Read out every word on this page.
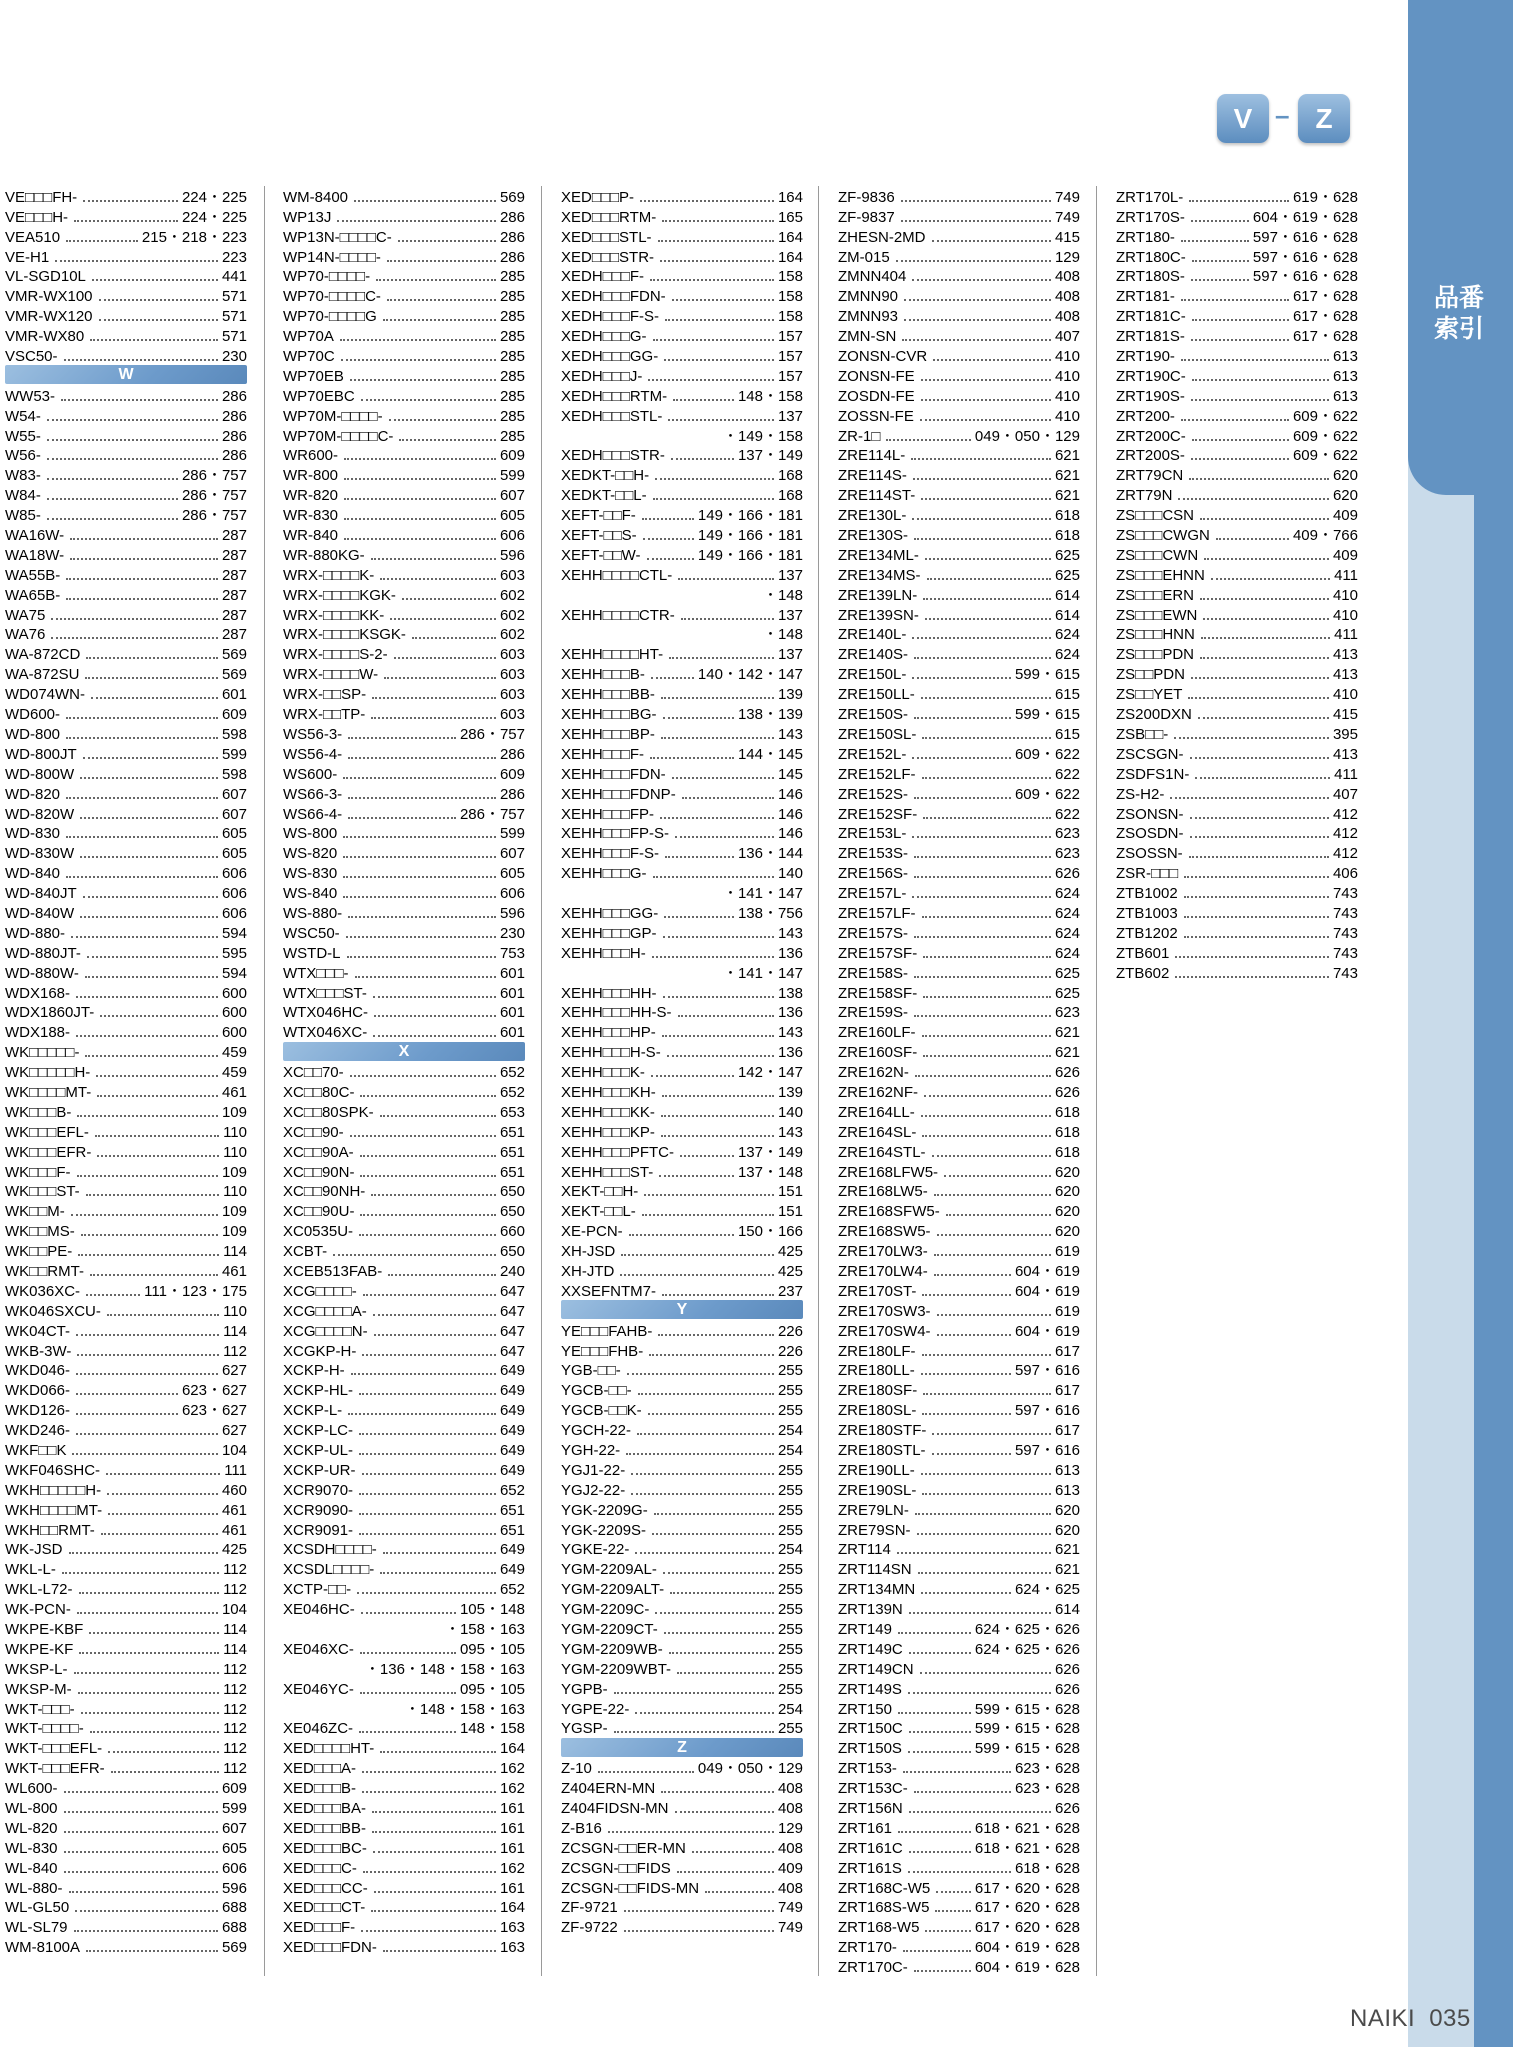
品番索引
V – Z
VE□□□FH-	224・225
VE□□□H-	224・225
VEA510	215・218・223
VE-H1	223
VL-SGD10L	441
VMR-WX100	571
VMR-WX120	571
VMR-WX80	571
VSC50-	230
W
WW53-	286
W54-	286
W55-	286
W56-	286
W83-	286・757
W84-	286・757
W85-	286・757
WA16W-	287
WA18W-	287
WA55B-	287
WA65B-	287
WA75	287
WA76	287
WA-872CD	569
WA-872SU	569
WD074WN-	601
WD600-	609
WD-800	598
WD-800JT	599
WD-800W	598
WD-820	607
WD-820W	607
WD-830	605
WD-830W	605
WD-840	606
WD-840JT	606
WD-840W	606
WD-880-	594
WD-880JT-	595
WD-880W-	594
WDX168-	600
WDX1860JT-	600
WDX188-	600
WK□□□□□-	459
WK□□□□□H-	459
WK□□□□MT-	461
WK□□□B-	109
WK□□□EFL-	110
WK□□□EFR-	110
WK□□□F-	109
WK□□□ST-	110
WK□□M-	109
WK□□MS-	109
WK□□PE-	114
WK□□RMT-	461
WK036XC-	111・123・175
WK046SXCU-	110
WK04CT-	114
WKB-3W-	112
WKD046-	627
WKD066-	623・627
WKD126-	623・627
WKD246-	627
WKF□□K	104
WKF046SHC-	111
WKH□□□□□H-	460
WKH□□□□MT-	461
WKH□□RMT-	461
WK-JSD	425
WKL-L-	112
WKL-L72-	112
WK-PCN-	104
WKPE-KBF	114
WKPE-KF	114
WKSP-L-	112
WKSP-M-	112
WKT-□□□-	112
WKT-□□□□-	112
WKT-□□□EFL-	112
WKT-□□□EFR-	112
WL600-	609
WL-800	599
WL-820	607
WL-830	605
WL-840	606
WL-880-	596
WL-GL50	688
WL-SL79	688
WM-8100A	569
WM-8400	569
WP13J	286
WP13N-□□□□C-	286
WP14N-□□□□-	286
WP70-□□□□-	285
WP70-□□□□C-	285
WP70-□□□□G	285
WP70A	285
WP70C	285
WP70EB	285
WP70EBC	285
WP70M-□□□□-	285
WP70M-□□□□C-	285
WR600-	609
WR-800	599
WR-820	607
WR-830	605
WR-840	606
WR-880KG-	596
WRX-□□□□K-	603
WRX-□□□□KGK-	602
WRX-□□□□KK-	602
WRX-□□□□KSGK-	602
WRX-□□□□S-2-	603
WRX-□□□□W-	603
WRX-□□SP-	603
WRX-□□TP-	603
WS56-3-	286・757
WS56-4-	286
WS600-	609
WS66-3-	286
WS66-4-	286・757
WS-800	599
WS-820	607
WS-830	605
WS-840	606
WS-880-	596
WSC50-	230
WSTD-L	753
WTX□□□-	601
WTX□□□ST-	601
WTX046HC-	601
WTX046XC-	601
X
XC□□70-	652
XC□□80C-	652
XC□□80SPK-	653
XC□□90-	651
XC□□90A-	651
XC□□90N-	651
XC□□90NH-	650
XC□□90U-	650
XC0535U-	660
XCBT-	650
XCEB513FAB-	240
XCG□□□□-	647
XCG□□□□A-	647
XCG□□□□N-	647
XCGKP-H-	647
XCKP-H-	649
XCKP-HL-	649
XCKP-L-	649
XCKP-LC-	649
XCKP-UL-	649
XCKP-UR-	649
XCR9070-	652
XCR9090-	651
XCR9091-	651
XCSDH□□□□-	649
XCSDL□□□□-	649
XCTP-□□-	652
XE046HC-	105・148
・158・163
XE046XC-	095・105
・136・148・158・163
XE046YC-	095・105
・148・158・163
XE046ZC-	148・158
XED□□□□HT-	164
XED□□□A-	162
XED□□□B-	162
XED□□□BA-	161
XED□□□BB-	161
XED□□□BC-	161
XED□□□C-	162
XED□□□CC-	161
XED□□□CT-	164
XED□□□F-	163
XED□□□FDN-	163
XED□□□P-	164
XED□□□RTM-	165
XED□□□STL-	164
XED□□□STR-	164
XEDH□□□F-	158
XEDH□□□FDN-	158
XEDH□□□F-S-	158
XEDH□□□G-	157
XEDH□□□GG-	157
XEDH□□□J-	157
XEDH□□□RTM-	148・158
XEDH□□□STL-	137
・149・158
XEDH□□□STR-	137・149
XEDKT-□□H-	168
XEDKT-□□L-	168
XEFT-□□F-	149・166・181
XEFT-□□S-	149・166・181
XEFT-□□W-	149・166・181
XEHH□□□□CTL-	137
・148
XEHH□□□□CTR-	137
・148
XEHH□□□□HT-	137
XEHH□□□B-	140・142・147
XEHH□□□BB-	139
XEHH□□□BG-	138・139
XEHH□□□BP-	143
XEHH□□□F-	144・145
XEHH□□□FDN-	145
XEHH□□□FDNP-	146
XEHH□□□FP-	146
XEHH□□□FP-S-	146
XEHH□□□F-S-	136・144
XEHH□□□G-	140
・141・147
XEHH□□□GG-	138・756
XEHH□□□GP-	143
XEHH□□□H-	136
・141・147
XEHH□□□HH-	138
XEHH□□□HH-S-	136
XEHH□□□HP-	143
XEHH□□□H-S-	136
XEHH□□□K-	142・147
XEHH□□□KH-	139
XEHH□□□KK-	140
XEHH□□□KP-	143
XEHH□□□PFTC-	137・149
XEHH□□□ST-	137・148
XEKT-□□H-	151
XEKT-□□L-	151
XE-PCN-	150・166
XH-JSD	425
XH-JTD	425
XXSEFNTM7-	237
Y
YE□□□FAHB-	226
YE□□□FHB-	226
YGB-□□-	255
YGCB-□□-	255
YGCB-□□K-	255
YGCH-22-	254
YGH-22-	254
YGJ1-22-	255
YGJ2-22-	255
YGK-2209G-	255
YGK-2209S-	255
YGKE-22-	254
YGM-2209AL-	255
YGM-2209ALT-	255
YGM-2209C-	255
YGM-2209CT-	255
YGM-2209WB-	255
YGM-2209WBT-	255
YGPB-	255
YGPE-22-	254
YGSP-	255
Z
Z-10	049・050・129
Z404ERN-MN	408
Z404FIDSN-MN	408
Z-B16	129
ZCSGN-□□ER-MN	408
ZCSGN-□□FIDS	409
ZCSGN-□□FIDS-MN	408
ZF-9721	749
ZF-9722	749
ZF-9836	749
ZF-9837	749
ZHESN-2MD	415
ZM-015	129
ZMNN404	408
ZMNN90	408
ZMNN93	408
ZMN-SN	407
ZONSN-CVR	410
ZONSN-FE	410
ZOSDN-FE	410
ZOSSN-FE	410
ZR-1□	049・050・129
ZRE114L-	621
ZRE114S-	621
ZRE114ST-	621
ZRE130L-	618
ZRE130S-	618
ZRE134ML-	625
ZRE134MS-	625
ZRE139LN-	614
ZRE139SN-	614
ZRE140L-	624
ZRE140S-	624
ZRE150L-	599・615
ZRE150LL-	615
ZRE150S-	599・615
ZRE150SL-	615
ZRE152L-	609・622
ZRE152LF-	622
ZRE152S-	609・622
ZRE152SF-	622
ZRE153L-	623
ZRE153S-	623
ZRE156S-	626
ZRE157L-	624
ZRE157LF-	624
ZRE157S-	624
ZRE157SF-	624
ZRE158S-	625
ZRE158SF-	625
ZRE159S-	623
ZRE160LF-	621
ZRE160SF-	621
ZRE162N-	626
ZRE162NF-	626
ZRE164LL-	618
ZRE164SL-	618
ZRE164STL-	618
ZRE168LFW5-	620
ZRE168LW5-	620
ZRE168SFW5-	620
ZRE168SW5-	620
ZRE170LW3-	619
ZRE170LW4-	604・619
ZRE170ST-	604・619
ZRE170SW3-	619
ZRE170SW4-	604・619
ZRE180LF-	617
ZRE180LL-	597・616
ZRE180SF-	617
ZRE180SL-	597・616
ZRE180STF-	617
ZRE180STL-	597・616
ZRE190LL-	613
ZRE190SL-	613
ZRE79LN-	620
ZRE79SN-	620
ZRT114	621
ZRT114SN	621
ZRT134MN	624・625
ZRT139N	614
ZRT149	624・625・626
ZRT149C	624・625・626
ZRT149CN	626
ZRT149S	626
ZRT150	599・615・628
ZRT150C	599・615・628
ZRT150S	599・615・628
ZRT153-	623・628
ZRT153C-	623・628
ZRT156N	626
ZRT161	618・621・628
ZRT161C	618・621・628
ZRT161S	618・628
ZRT168C-W5	617・620・628
ZRT168S-W5	617・620・628
ZRT168-W5	617・620・628
ZRT170-	604・619・628
ZRT170C-	604・619・628
ZRT170L-	619・628
ZRT170S-	604・619・628
ZRT180-	597・616・628
ZRT180C-	597・616・628
ZRT180S-	597・616・628
ZRT181-	617・628
ZRT181C-	617・628
ZRT181S-	617・628
ZRT190-	613
ZRT190C-	613
ZRT190S-	613
ZRT200-	609・622
ZRT200C-	609・622
ZRT200S-	609・622
ZRT79CN	620
ZRT79N	620
ZS□□□CSN	409
ZS□□□CWGN	409・766
ZS□□□CWN	409
ZS□□□EHNN	411
ZS□□□ERN	410
ZS□□□EWN	410
ZS□□□HNN	411
ZS□□□PDN	413
ZS□□PDN	413
ZS□□YET	410
ZS200DXN	415
ZSB□□-	395
ZSCSGN-	413
ZSDFS1N-	411
ZS-H2-	407
ZSONSN-	412
ZSOSDN-	412
ZSOSSN-	412
ZSR-□□□	406
ZTB1002	743
ZTB1003	743
ZTB1202	743
ZTB601	743
ZTB602	743
NAIKI 035
